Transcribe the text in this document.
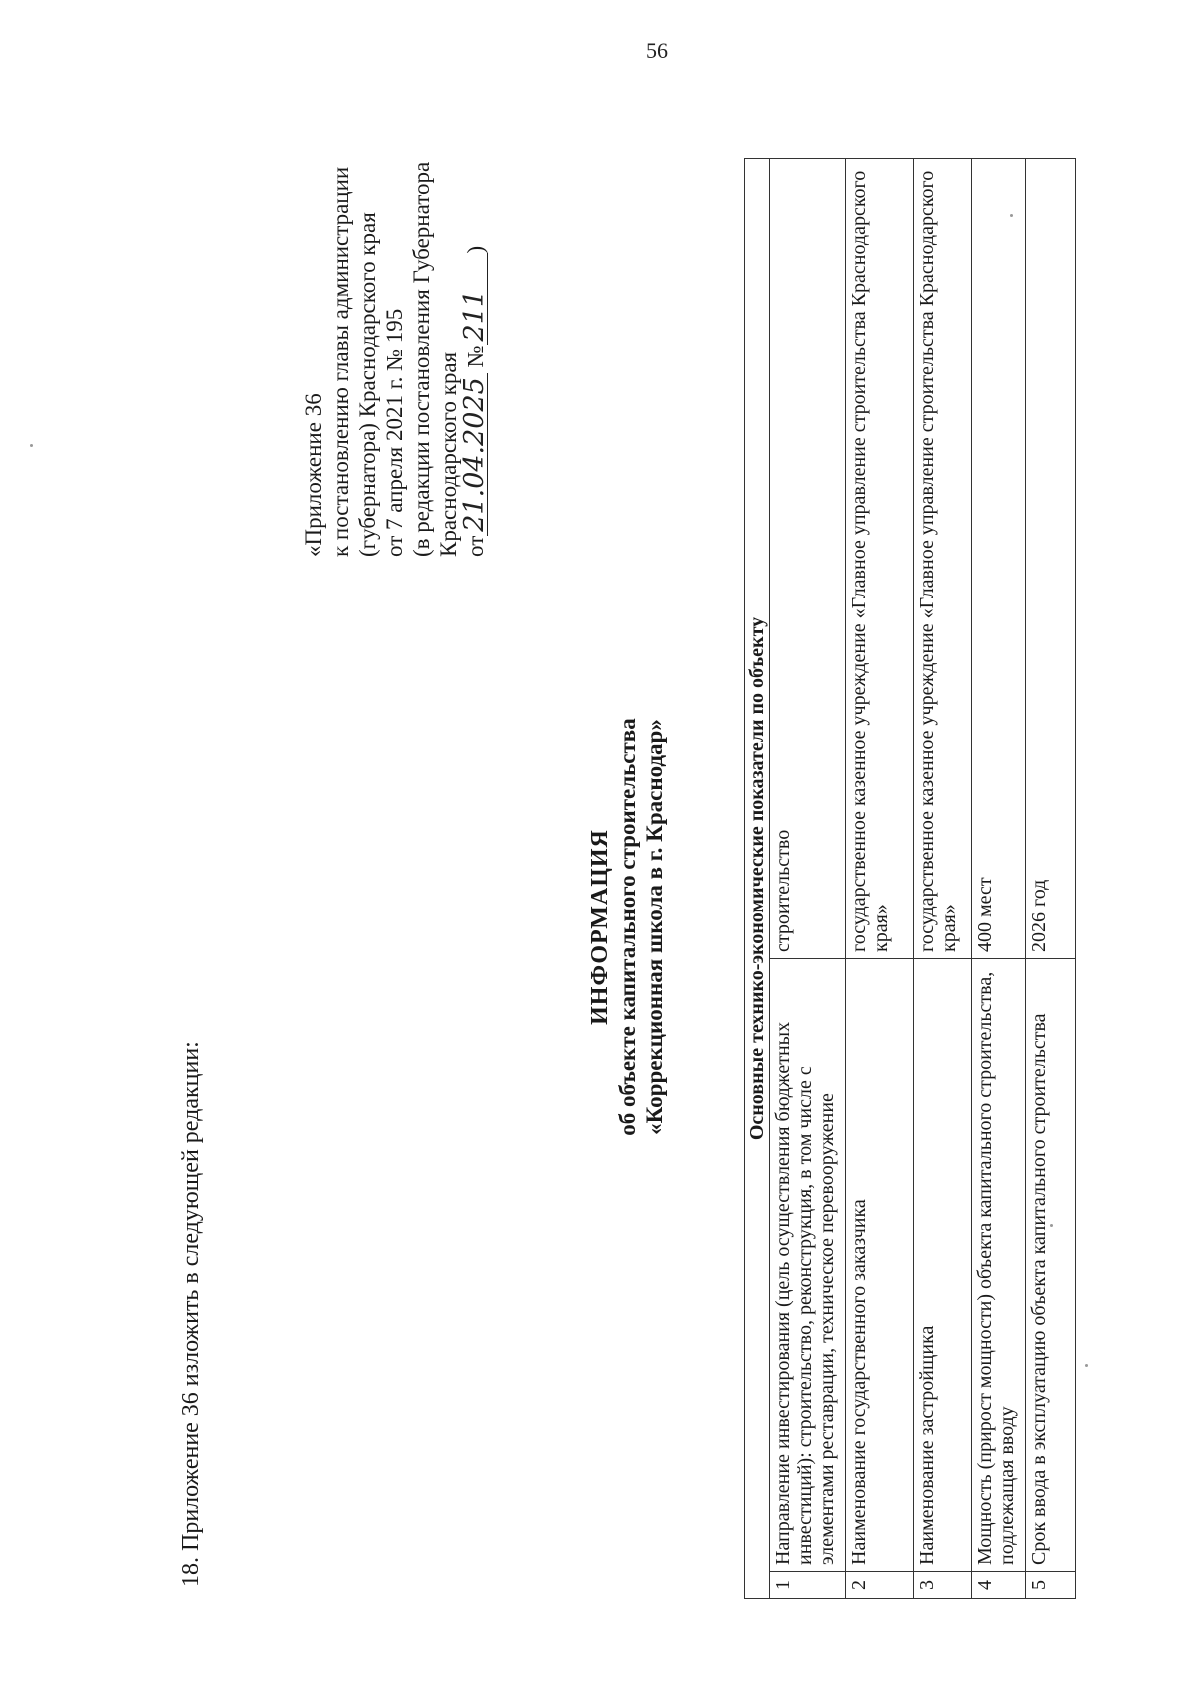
56
18. Приложение 36 изложить в следующей редакции:
«Приложение 36 к постановлению главы администрации (губернатора) Краснодарского края от 7 апреля 2021 г. № 195 (в редакции постановления Губернатора Краснодарского края от21.04.2025 №211)
ИНФОРМАЦИЯ об объекте капитального строительства «Коррекционная школа в г. Краснодар»	Основные технико-экономические показатели по объекту		
1	Направление инвестирования (цель осуществления бюджетных инвестиций): строительство, реконструкция, в том числе с элементами реставрации, техническое перевооружение	строительство
2	Наименование государственного заказчика	государственное казенное учреждение «Главное управление строительства Краснодарского края»
3	Наименование застройщика	государственное казенное учреждение «Главное управление строительства Краснодарского края»
4	Мощность (прирост мощности) объекта капитального строительства, подлежащая вводу	400 мест
5	Срок ввода в эксплуатацию объекта капитального строительства	2026 год
